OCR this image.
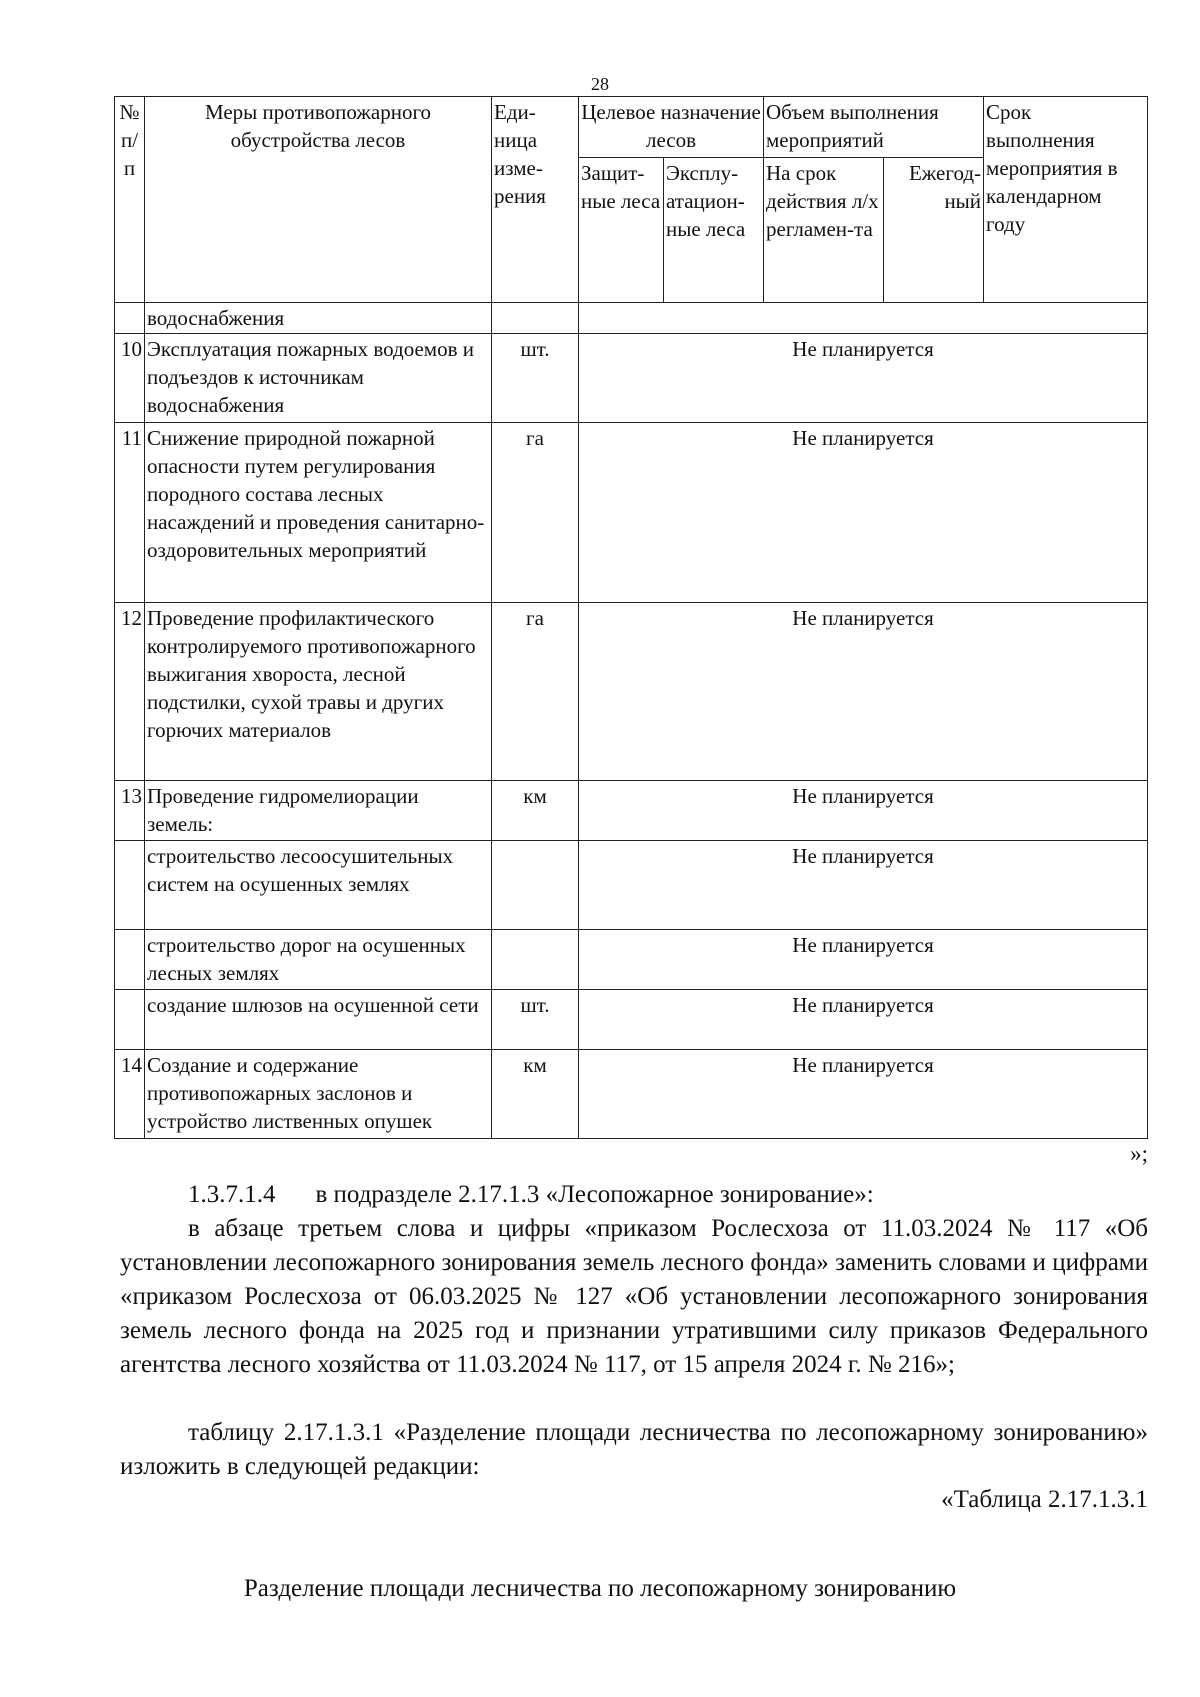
28
№ п/п	Меры противопожарного обустройства лесов	Еди-ница изме-рения	Целевое назначение лесов		Объем выполнения мероприятий		Срок выполнения мероприятия в календарном году
			Защит-ные леса	Эксплу-атацион-ные леса	На срок действия л/х регламен-та	Ежегод-ный	
	водоснабжения						
10	Эксплуатация пожарных водоемов и подъездов к источникам водоснабжения	шт.	Не планируется				
11	Снижение природной пожарной опасности путем регулирования породного состава лесных насаждений и проведения санитарно-оздоровительных мероприятий	га	Не планируется				
12	Проведение профилактического контролируемого противопожарного выжигания хвороста, лесной подстилки, сухой травы и других горючих материалов	га	Не планируется				
13	Проведение гидромелиорации земель:	км	Не планируется				
	строительство лесоосушительных систем на осушенных землях		Не планируется				
	строительство дорог на осушенных лесных землях		Не планируется				
	создание шлюзов на осушенной сети	шт.	Не планируется				
14	Создание и содержание противопожарных заслонов и устройство лиственных опушек	км	Не планируется				
»;
1.3.7.1.4 в подразделе 2.17.1.3 «Лесопожарное зонирование»:
в абзаце третьем слова и цифры «приказом Рослесхоза от 11.03.2024 № 117 «Об установлении лесопожарного зонирования земель лесного фонда» заменить словами и цифрами «приказом Рослесхоза от 06.03.2025 № 127 «Об установлении лесопожарного зонирования земель лесного фонда на 2025 год и признании утратившими силу приказов Федерального агентства лесного хозяйства от 11.03.2024 № 117, от 15 апреля 2024 г. № 216»;
таблицу 2.17.1.3.1 «Разделение площади лесничества по лесопожарному зонированию» изложить в следующей редакции:
«Таблица 2.17.1.3.1
Разделение площади лесничества по лесопожарному зонированию
